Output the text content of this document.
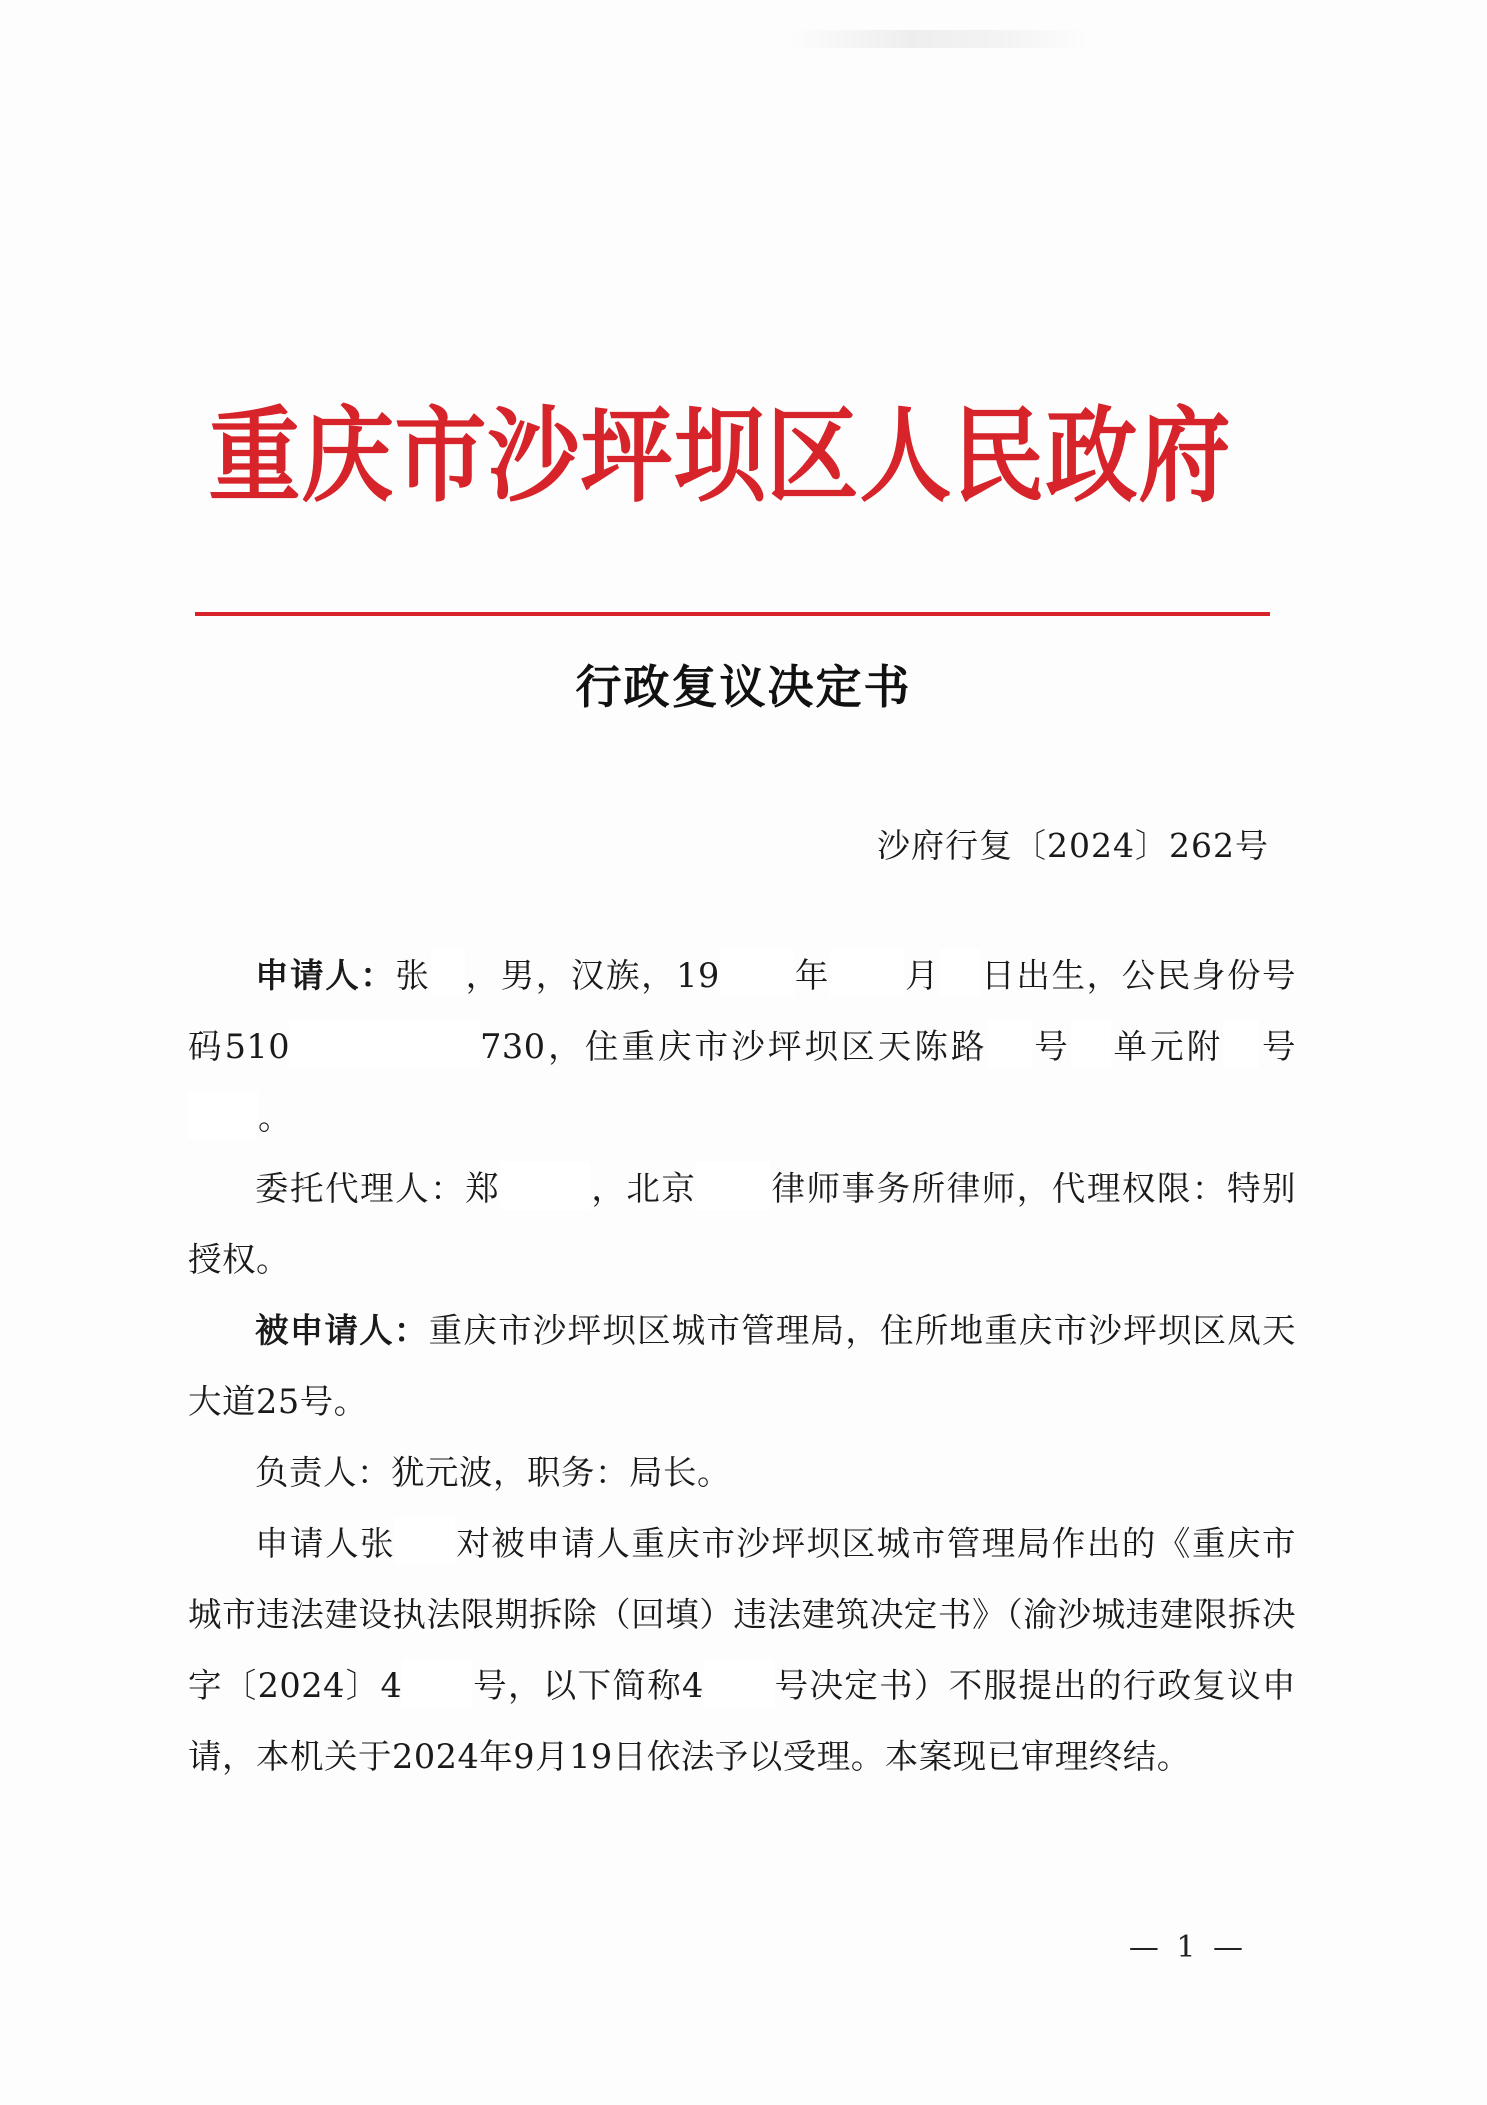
重庆市沙坪坝区人民政府
行政复议决定书
沙府行复〔2024〕262号

申请人：张 ，男，汉族，19 年 月 日出生，公民身份号码510	730，住重庆市沙坪坝区天陈路 号 单元附 号。

委托代理人：郑	，北京 律师事务所律师，代理权限：特别授权。

被申请人：重庆市沙坪坝区城市管理局，住所地重庆市沙坪坝区凤天大道25号。

负责人：犹元波，职务：局长。

申请人张 对被申请人重庆市沙坪坝区城市管理局作出的《重庆市城市违法建设执法限期拆除（回填）违法建筑决定书》（渝沙城违建限拆决字〔2024〕4 号，以下简称4 号决定书）不服提出的行政复议申请，本机关于2024年9月19日依法予以受理。本案现已审理终结。

— 1 —
